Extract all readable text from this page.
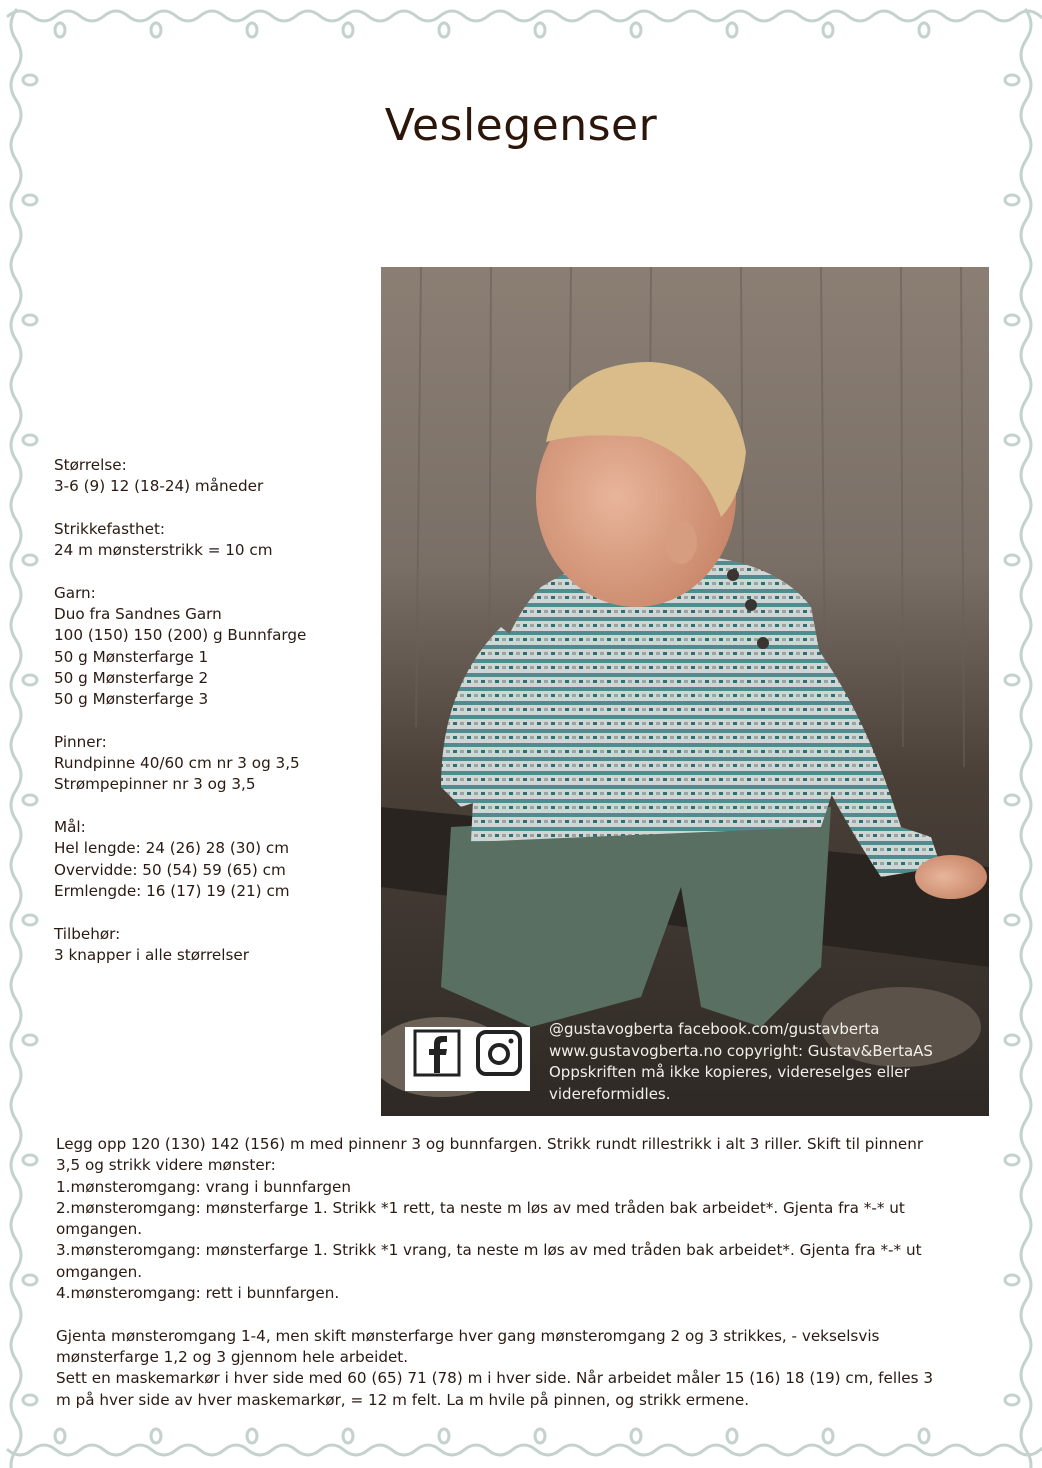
Veslegenser
Størrelse:
3-6 (9) 12 (18-24) måneder
Strikkefasthet:
24 m mønsterstrikk = 10 cm
Garn:
Duo fra Sandnes Garn
100 (150) 150 (200) g Bunnfarge
50 g Mønsterfarge 1
50 g Mønsterfarge 2
50 g Mønsterfarge 3
Pinner:
Rundpinne 40/60 cm nr 3 og 3,5
Strømpepinner nr 3 og 3,5
Mål:
Hel lengde: 24 (26) 28 (30) cm
Overvidde: 50 (54) 59 (65) cm
Ermlengde: 16 (17) 19 (21) cm
Tilbehør:
3 knapper i alle størrelser
@gustavogberta facebook.com/gustavberta
www.gustavogberta.no copyright: Gustav&BertaAS
Oppskriften må ikke kopieres, videreselges eller
videreformidles.
Legg opp 120 (130) 142 (156) m med pinnenr 3 og bunnfargen. Strikk rundt rillestrikk i alt 3 riller. Skift til pinnenr
3,5 og strikk videre mønster:
1.mønsteromgang: vrang i bunnfargen
2.mønsteromgang: mønsterfarge 1. Strikk *1 rett, ta neste m løs av med tråden bak arbeidet*. Gjenta fra *-* ut
omgangen.
3.mønsteromgang: mønsterfarge 1. Strikk *1 vrang, ta neste m løs av med tråden bak arbeidet*. Gjenta fra *-* ut
omgangen.
4.mønsteromgang: rett i bunnfargen.
Gjenta mønsteromgang 1-4, men skift mønsterfarge hver gang mønsteromgang 2 og 3 strikkes, - vekselsvis
mønsterfarge 1,2 og 3 gjennom hele arbeidet.
Sett en maskemarkør i hver side med 60 (65) 71 (78) m i hver side. Når arbeidet måler 15 (16) 18 (19) cm, felles 3
m på hver side av hver maskemarkør, = 12 m felt. La m hvile på pinnen, og strikk ermene.
